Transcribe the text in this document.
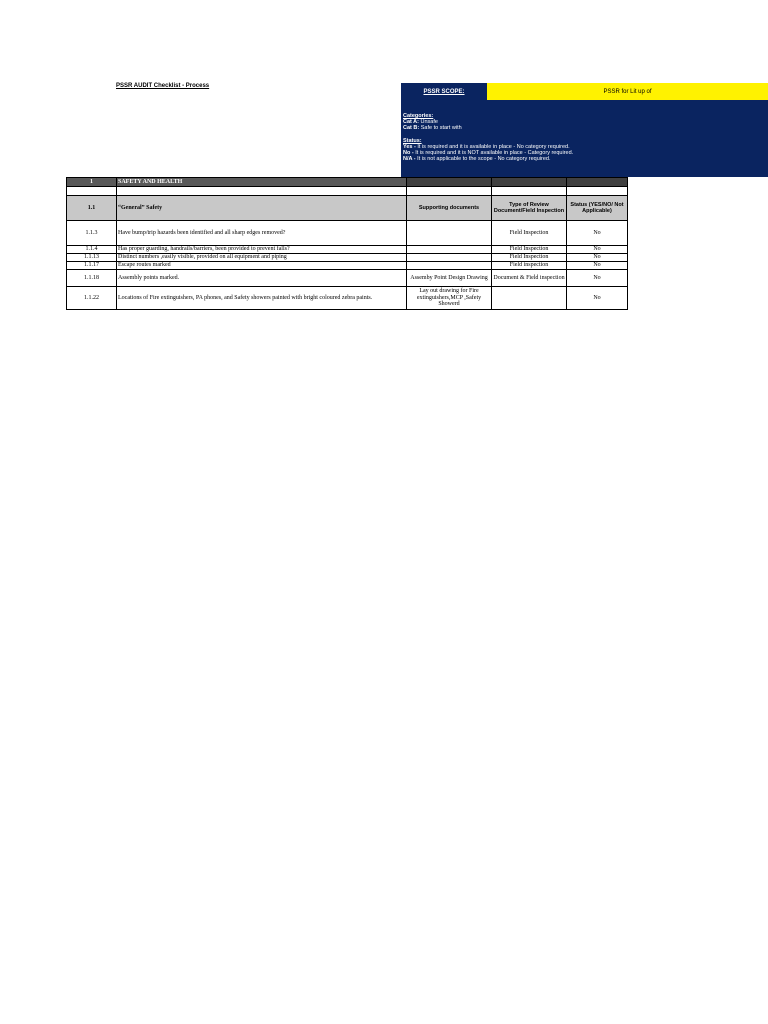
PSSR AUDIT Checklist - Process
PSSR SCOPE:	PSSR for Lit up of
Categories:
Cat A: Unsafe
Cat B: Safe to start with
Status:
Yes - It is required and it is available in place - No category required.
No - It is required and it is NOT available in place - Category required.
N/A - It is not applicable to the scope - No category required.
1	SAFETY AND HEALTH			

1.1	“General” Safety	Supporting documents	Type of Review Document/Field Inspection	Status (YES/NO/ Not Applicable)
1.1.3	Have bump/trip hazards been identified and all sharp edges removed?		Field Inspection	No
1.1.4	Has proper guarding, handrails/barriers, been provided to prevent falls?		Field Inspection	No
1.1.13	Distinct numbers ,easily visible, provided on all equipment and piping		Field Inspection	No
1.1.17	Escape routes marked		Field inspection	No
1.1.18	Assembly points marked.	Assemby Point Design Drawing	Document & Field inspection	No
1.1.22	Locations of Fire extinguishers, PA phones, and Safety showers painted with bright coloured zebra paints.	Lay out drawing for Fire extinguishers,MCP ,Safety Showerd		No
